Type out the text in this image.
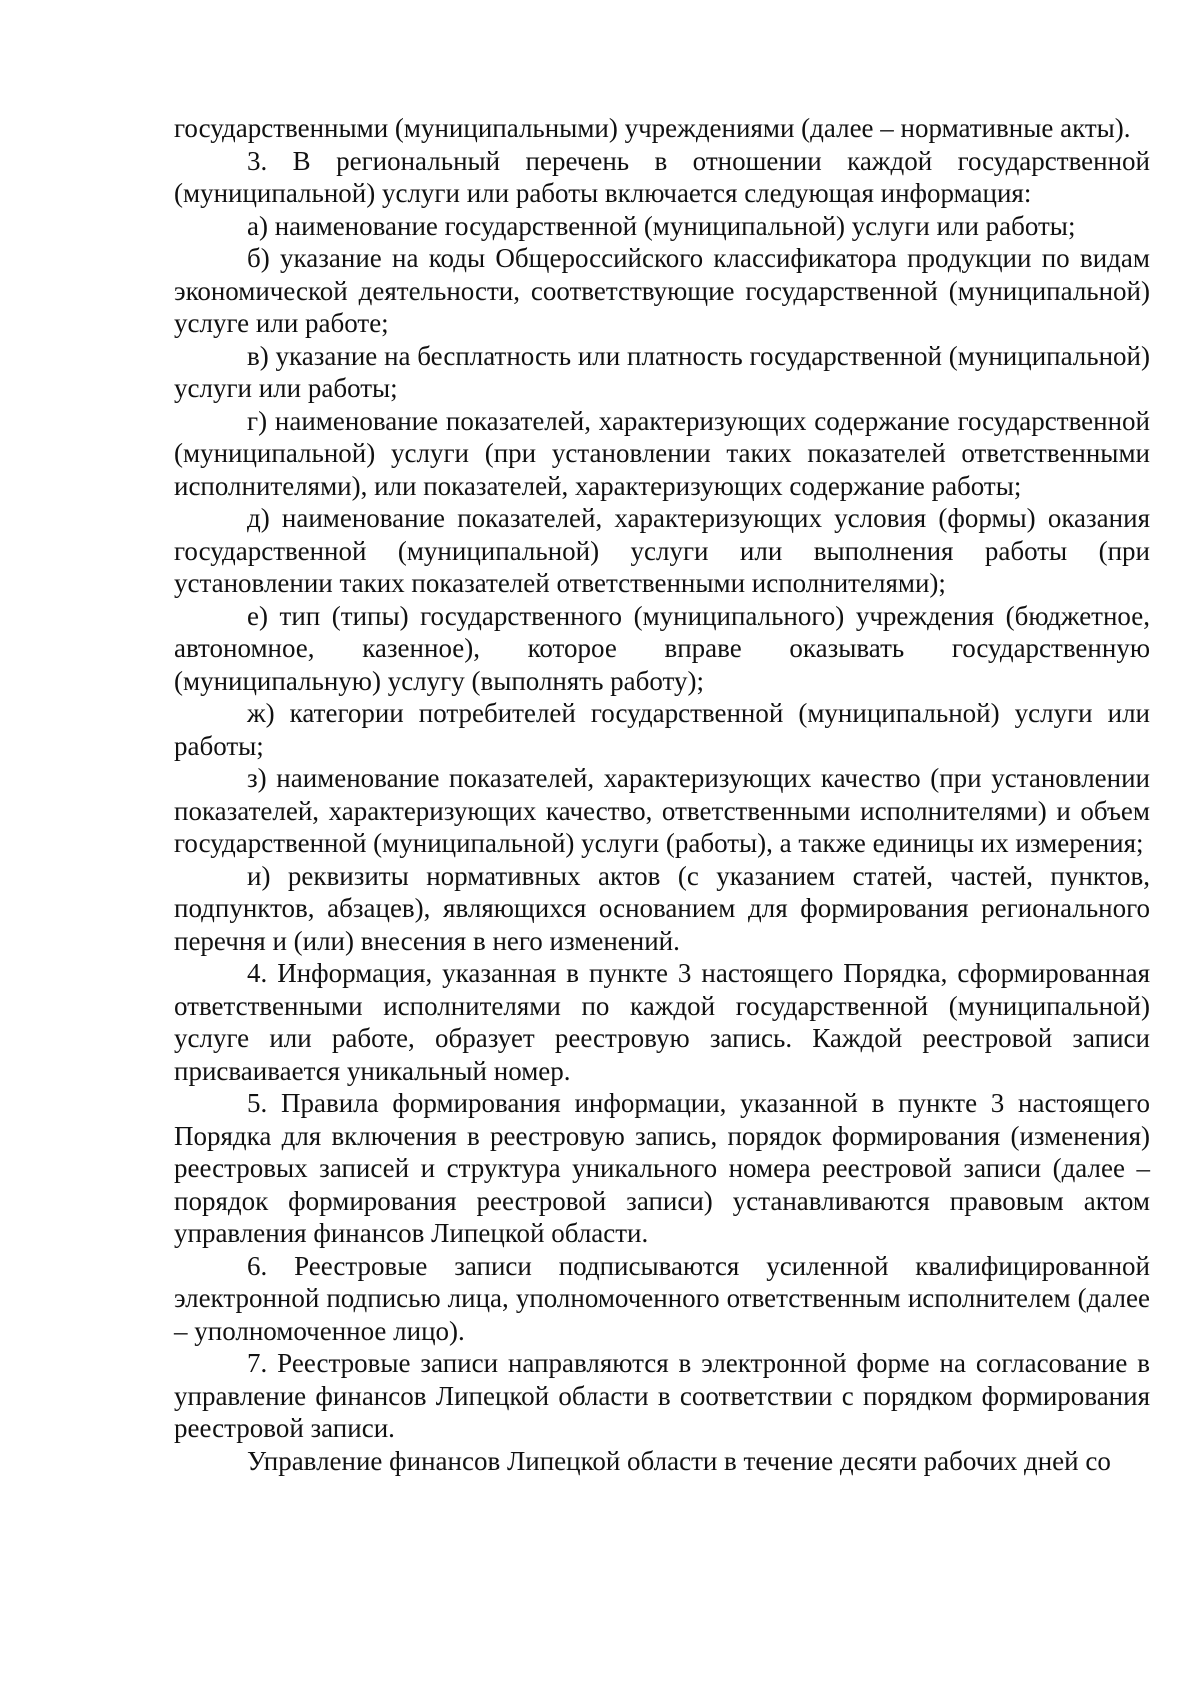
государственными (муниципальными) учреждениями (далее – нормативные акты).

3. В региональный перечень в отношении каждой государственной (муниципальной) услуги или работы включается следующая информация:

а) наименование государственной (муниципальной) услуги или работы;

б) указание на коды Общероссийского классификатора продукции по видам экономической деятельности, соответствующие государственной (муниципальной) услуге или работе;

в) указание на бесплатность или платность государственной (муниципальной) услуги или работы;

г) наименование показателей, характеризующих содержание государственной (муниципальной) услуги (при установлении таких показателей ответственными исполнителями), или показателей, характеризующих содержание работы;

д) наименование показателей, характеризующих условия (формы) оказания государственной (муниципальной) услуги или выполнения работы (при установлении таких показателей ответственными исполнителями);

е) тип (типы) государственного (муниципального) учреждения (бюджетное, автономное, казенное), которое вправе оказывать государственную (муниципальную) услугу (выполнять работу);

ж) категории потребителей государственной (муниципальной) услуги или работы;

з) наименование показателей, характеризующих качество (при установлении показателей, характеризующих качество, ответственными исполнителями) и объем государственной (муниципальной) услуги (работы), а также единицы их измерения;

и) реквизиты нормативных актов (с указанием статей, частей, пунктов, подпунктов, абзацев), являющихся основанием для формирования регионального перечня и (или) внесения в него изменений.

4. Информация, указанная в пункте 3 настоящего Порядка, сформированная ответственными исполнителями по каждой государственной (муниципальной) услуге или работе, образует реестровую запись. Каждой реестровой записи присваивается уникальный номер.

5. Правила формирования информации, указанной в пункте 3 настоящего Порядка для включения в реестровую запись, порядок формирования (изменения) реестровых записей и структура уникального номера реестровой записи (далее – порядок формирования реестровой записи) устанавливаются правовым актом управления финансов Липецкой области.

6. Реестровые записи подписываются усиленной квалифицированной электронной подписью лица, уполномоченного ответственным исполнителем (далее – уполномоченное лицо).

7. Реестровые записи направляются в электронной форме на согласование в управление финансов Липецкой области в соответствии с порядком формирования реестровой записи.

Управление финансов Липецкой области в течение десяти рабочих дней со
